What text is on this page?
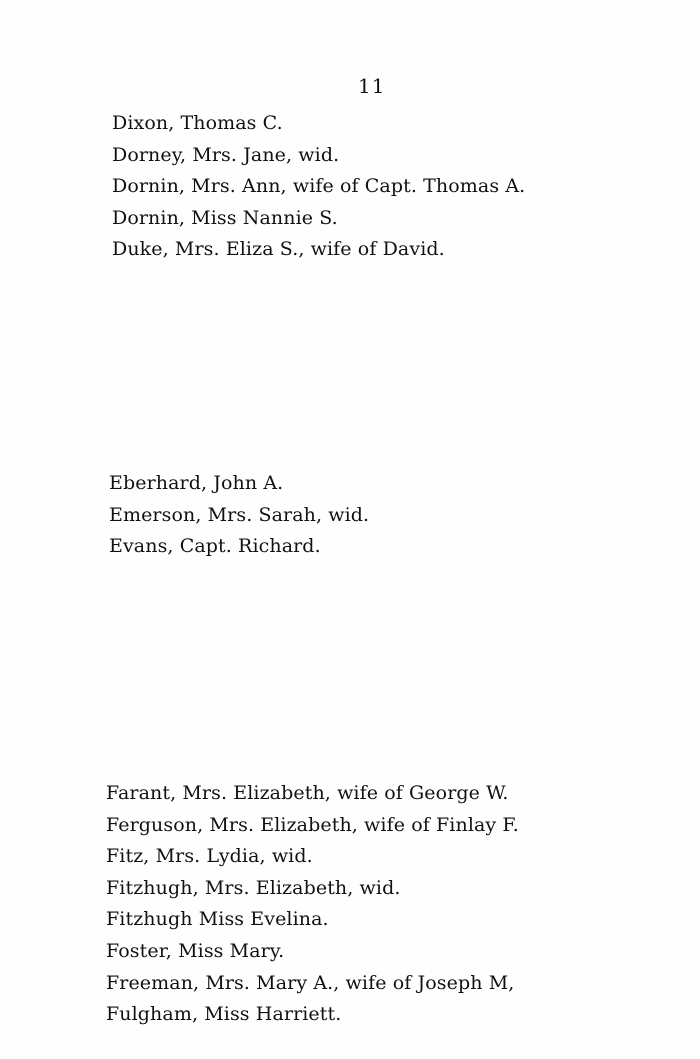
11
Dixon, Thomas C.
Dorney, Mrs. Jane, wid.
Dornin, Mrs. Ann, wife of Capt. Thomas A.
Dornin, Miss Nannie S.
Duke, Mrs. Eliza S., wife of David.
Eberhard, John A.
Emerson, Mrs. Sarah, wid.
Evans, Capt. Richard.
Farant, Mrs. Elizabeth, wife of George W.
Ferguson, Mrs. Elizabeth, wife of Finlay F.
Fitz, Mrs. Lydia, wid.
Fitzhugh, Mrs. Elizabeth, wid.
Fitzhugh Miss Evelina.
Foster, Miss Mary.
Freeman, Mrs. Mary A., wife of Joseph M,
Fulgham, Miss Harriett.
